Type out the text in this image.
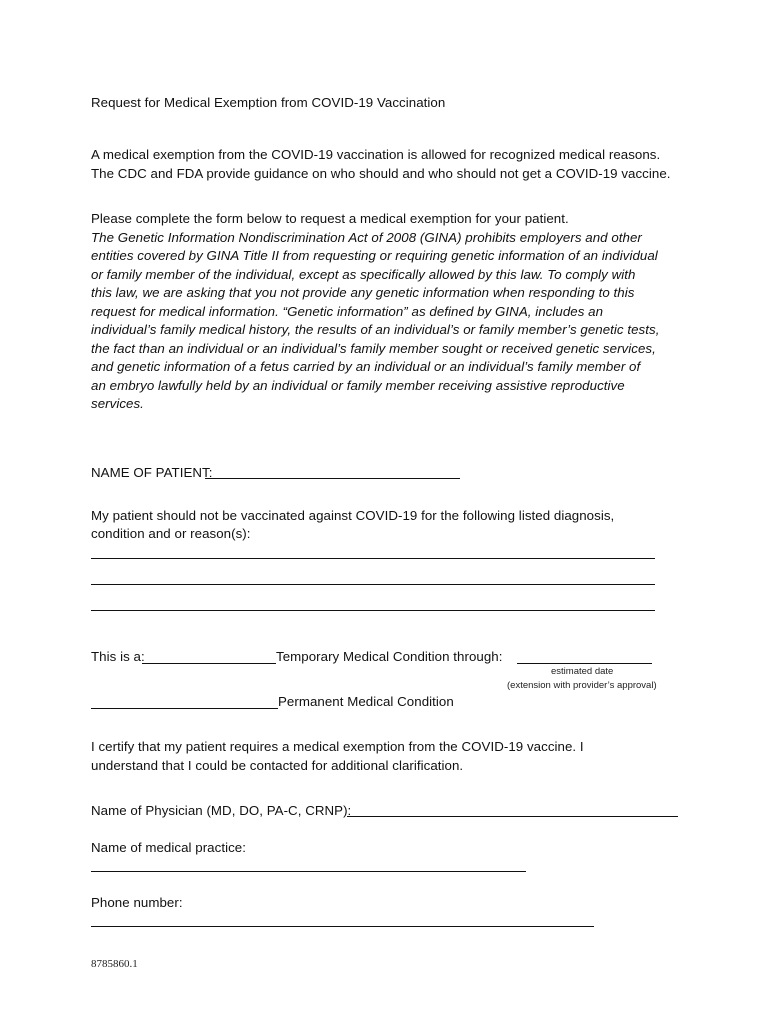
Request for Medical Exemption from COVID-19 Vaccination
A medical exemption from the COVID-19 vaccination is allowed for recognized medical reasons.
The CDC and FDA provide guidance on who should and who should not get a COVID-19 vaccine.
Please complete the form below to request a medical exemption for your patient.
The Genetic Information Nondiscrimination Act of 2008 (GINA) prohibits employers and other
entities covered by GINA Title II from requesting or requiring genetic information of an individual
or family member of the individual, except as specifically allowed by this law. To comply with
this law, we are asking that you not provide any genetic information when responding to this
request for medical information. “Genetic information” as defined by GINA, includes an
individual’s family medical history, the results of an individual’s or family member’s genetic tests,
the fact than an individual or an individual’s family member sought or received genetic services,
and genetic information of a fetus carried by an individual or an individual’s family member of
an embryo lawfully held by an individual or family member receiving assistive reproductive
services.
NAME OF PATIENT:
My patient should not be vaccinated against COVID-19 for the following listed diagnosis,
condition and or reason(s):
This is a:	Temporary Medical Condition through:
estimated date
(extension with provider’s approval)
Permanent Medical Condition
I certify that my patient requires a medical exemption from the COVID-19 vaccine. I
understand that I could be contacted for additional clarification.
Name of Physician (MD, DO, PA-C, CRNP):
Name of medical practice:
Phone number:
8785860.1
